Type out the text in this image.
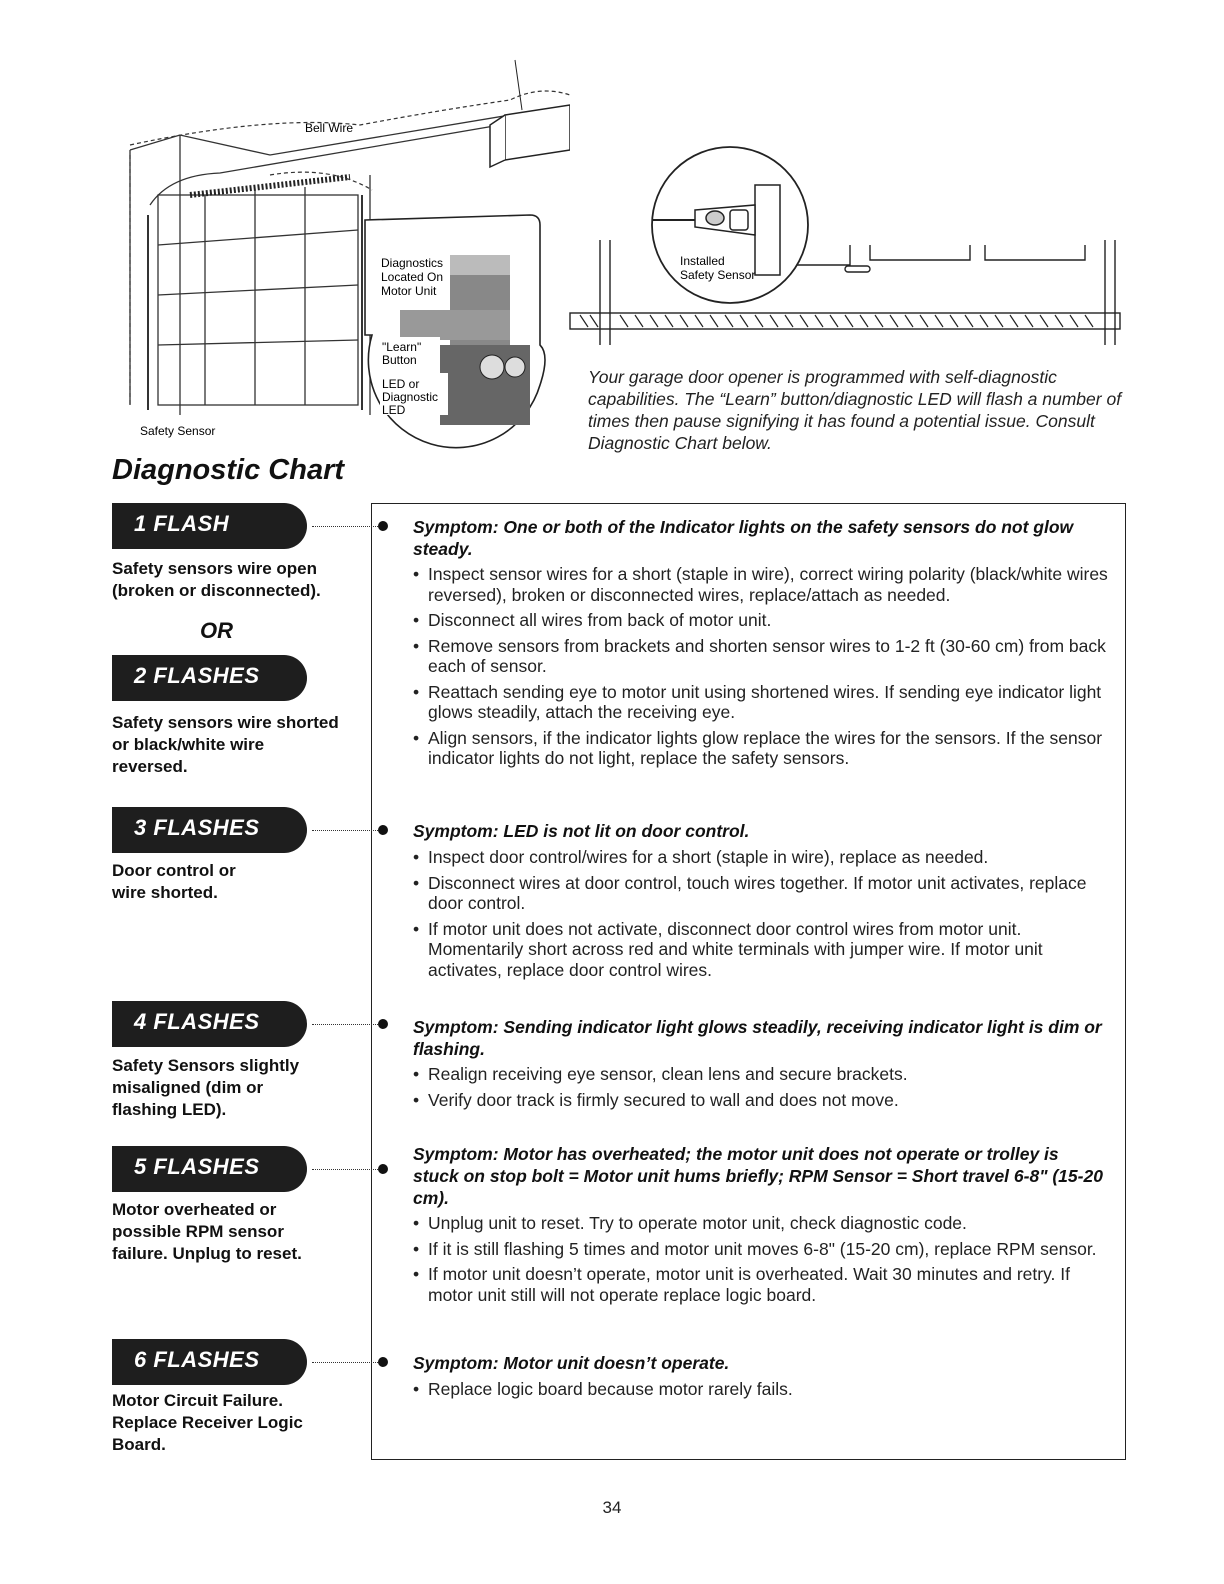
Bell Wire
Safety Sensor
Diagnostics
Located On
Motor Unit
"Learn"
Button
LED or
Diagnostic
LED
Installed
Safety Sensor
Your garage door opener is programmed with self-diagnostic capabilities. The “Learn” button/diagnostic LED will flash a number of times then pause signifying it has found a potential issue. Consult Diagnostic Chart below.
Diagnostic Chart
1 FLASH
Safety sensors wire open (broken or disconnected).
OR
2 FLASHES
Safety sensors wire shorted or black/white wire reversed.
3 FLASHES
Door control or wire shorted.
4 FLASHES
Safety Sensors slightly misaligned (dim or flashing LED).
5 FLASHES
Motor overheated or possible RPM sensor failure. Unplug to reset.
6 FLASHES
Motor Circuit Failure. Replace Receiver Logic Board.
Symptom: One or both of the Indicator lights on the safety sensors do not glow steady.
• Inspect sensor wires for a short (staple in wire), correct wiring polarity (black/white wires reversed), broken or disconnected wires, replace/attach as needed.
• Disconnect all wires from back of motor unit.
• Remove sensors from brackets and shorten sensor wires to 1-2 ft (30-60 cm) from back each of sensor.
• Reattach sending eye to motor unit using shortened wires. If sending eye indicator light glows steadily, attach the receiving eye.
• Align sensors, if the indicator lights glow replace the wires for the sensors. If the sensor indicator lights do not light, replace the safety sensors.
Symptom: LED is not lit on door control.
• Inspect door control/wires for a short (staple in wire), replace as needed.
• Disconnect wires at door control, touch wires together. If motor unit activates, replace door control.
• If motor unit does not activate, disconnect door control wires from motor unit. Momentarily short across red and white terminals with jumper wire. If motor unit activates, replace door control wires.
Symptom: Sending indicator light glows steadily, receiving indicator light is dim or flashing.
• Realign receiving eye sensor, clean lens and secure brackets.
• Verify door track is firmly secured to wall and does not move.
Symptom: Motor has overheated; the motor unit does not operate or trolley is stuck on stop bolt = Motor unit hums briefly; RPM Sensor = Short travel 6-8" (15-20 cm).
• Unplug unit to reset. Try to operate motor unit, check diagnostic code.
• If it is still flashing 5 times and motor unit moves 6-8" (15-20 cm), replace RPM sensor.
• If motor unit doesn’t operate, motor unit is overheated. Wait 30 minutes and retry. If motor unit still will not operate replace logic board.
Symptom: Motor unit doesn’t operate.
• Replace logic board because motor rarely fails.
34
